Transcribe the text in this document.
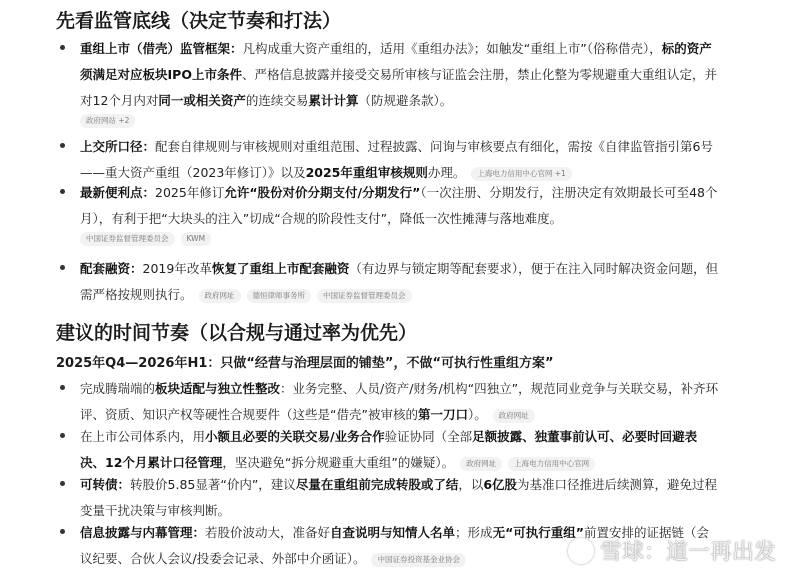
先看监管底线（决定节奏和打法）
重组上市（借壳）监管框架：凡构成重大资产重组的，适用《重组办法》；如触发“重组上市”（俗称借壳），标的资产须满足对应板块IPO上市条件、严格信息披露并接受交易所审核与证监会注册，禁止化整为零规避重大重组认定，并对12个月内对同一或相关资产的连续交易累计计算（防规避条款）。
政府网站 +2
上交所口径：配套自律规则与审核规则对重组范围、过程披露、问询与审核要点有细化，需按《自律监管指引第6号——重大资产重组（2023年修订）》以及2025年重组审核规则办理。 上海电力信用中心官网 +1
最新便利点：2025年修订允许“股份对价分期支付/分期发行”（一次注册、分期发行，注册决定有效期最长可至48个月），有利于把“大块头的注入”切成“合规的阶段性支付”，降低一次性摊薄与落地难度。
中国证券监督管理委员会 KWM
配套融资：2019年改革恢复了重组上市配套融资（有边界与锁定期等配套要求），便于在注入同时解决资金问题，但需严格按规则执行。 政府网址 德恒律师事务所 中国证券监督管理委员会
建议的时间节奏（以合规与通过率为优先）

2025年Q4—2026年H1：只做“经营与治理层面的铺垫”，不做“可执行性重组方案”

完成腾瑞端的板块适配与独立性整改：业务完整、人员/资产/财务/机构“四独立”，规范同业竞争与关联交易，补齐环评、资质、知识产权等硬性合规要件（这些是“借壳”被审核的第一刀口）。 政府网址
在上市公司体系内，用小额且必要的关联交易/业务合作验证协同（全部足额披露、独董事前认可、必要时回避表决、12个月累计口径管理，坚决避免“拆分规避重大重组”的嫌疑）。 政府网址 上海电力信用中心官网
可转债：转股价5.85显著“价内”，建议尽量在重组前完成转股或了结，以6亿股为基准口径推进后续测算，避免过程变量干扰决策与审核判断。
信息披露与内幕管理：若股价波动大，准备好自查说明与知情人名单；形成无“可执行重组”前置安排的证据链（会议纪要、合伙人会议/投委会记录、外部中介函证）。 中国证券投资基金业协会	雪球：道一再出发
